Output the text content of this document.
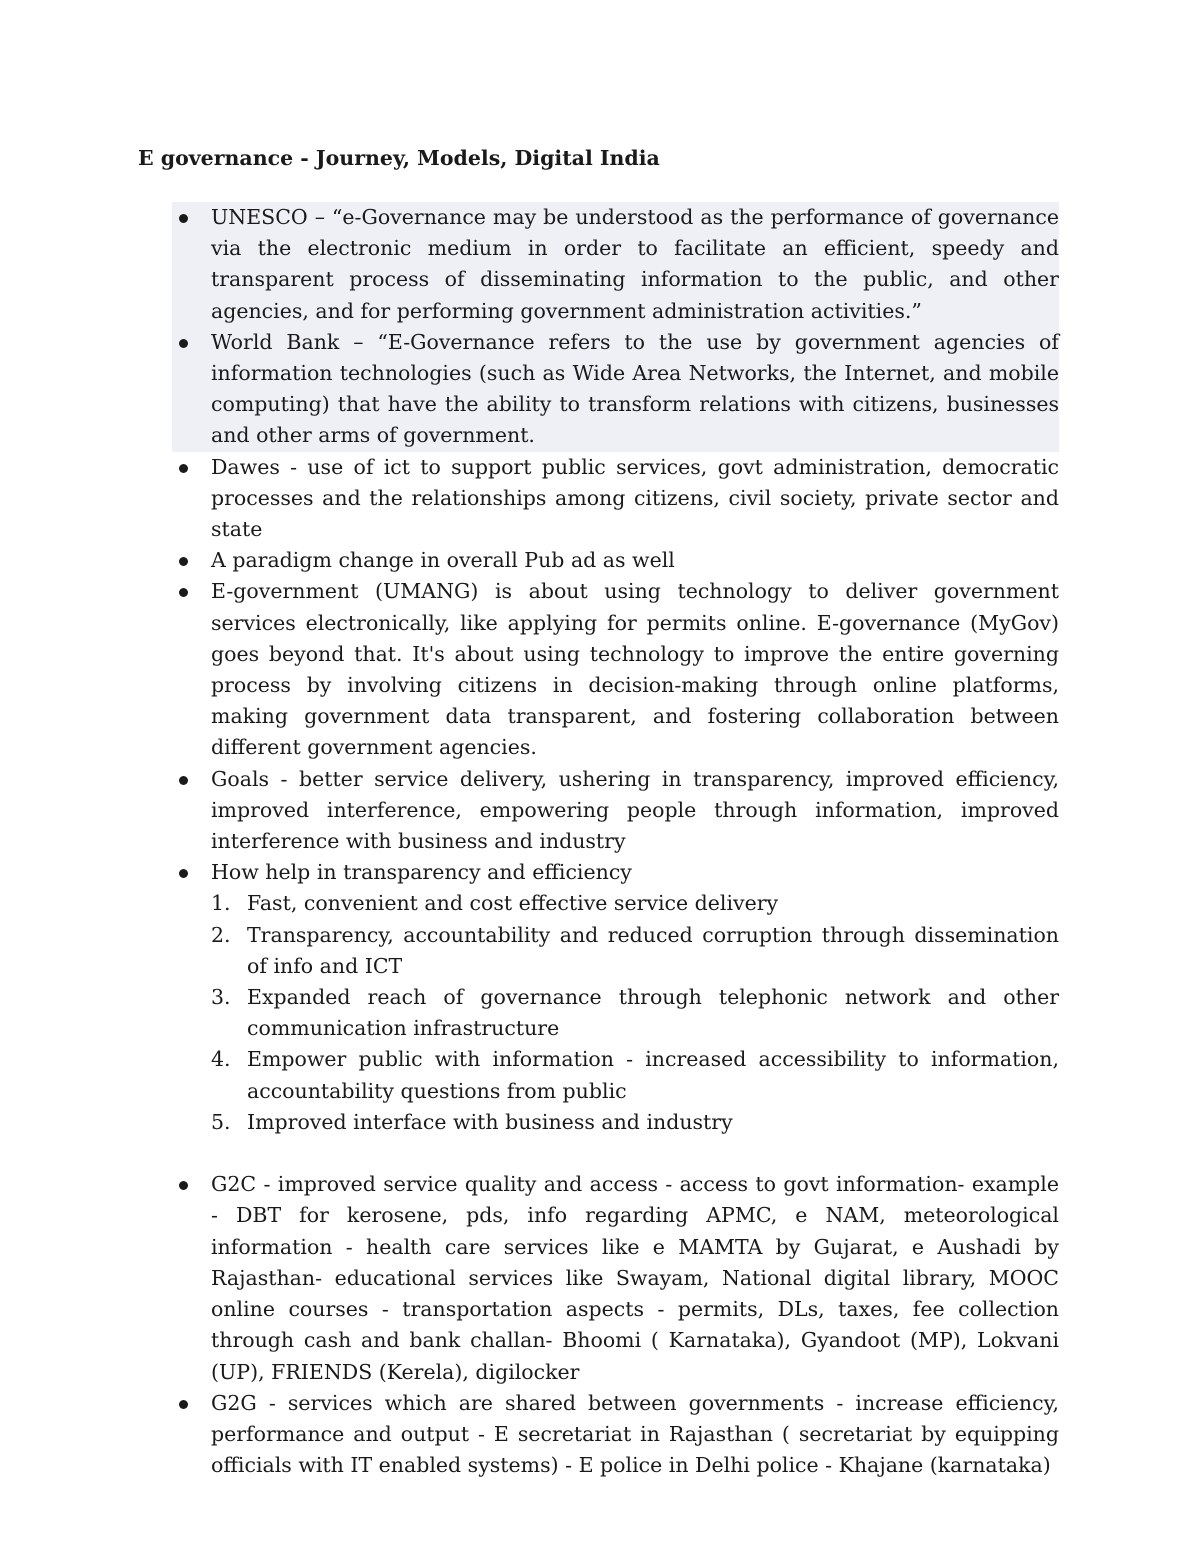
E governance - Journey, Models, Digital India
UNESCO – “e-Governance may be understood as the performance of governance via the electronic medium in order to facilitate an efficient, speedy and transparent process of disseminating information to the public, and other agencies, and for performing government administration activities.”
World Bank – “E-Governance refers to the use by government agencies of information technologies (such as Wide Area Networks, the Internet, and mobile computing) that have the ability to transform relations with citizens, businesses and other arms of government.
Dawes - use of ict to support public services, govt administration, democratic processes and the relationships among citizens, civil society, private sector and state
A paradigm change in overall Pub ad as well
E-government (UMANG) is about using technology to deliver government services electronically, like applying for permits online. E-governance (MyGov) goes beyond that. It's about using technology to improve the entire governing process by involving citizens in decision-making through online platforms, making government data transparent, and fostering collaboration between different government agencies.
Goals - better service delivery, ushering in transparency, improved efficiency, improved interference, empowering people through information, improved interference with business and industry
How help in transparency and efficiency
1. Fast, convenient and cost effective service delivery
2. Transparency, accountability and reduced corruption through dissemination of info and ICT
3. Expanded reach of governance through telephonic network and other communication infrastructure
4. Empower public with information - increased accessibility to information, accountability questions from public
5. Improved interface with business and industry
G2C - improved service quality and access - access to govt information- example - DBT for kerosene, pds, info regarding APMC, e NAM, meteorological information - health care services like e MAMTA by Gujarat, e Aushadi by Rajasthan- educational services like Swayam, National digital library, MOOC online courses - transportation aspects - permits, DLs, taxes, fee collection through cash and bank challan- Bhoomi ( Karnataka), Gyandoot (MP), Lokvani (UP), FRIENDS (Kerela), digilocker
G2G - services which are shared between governments - increase efficiency, performance and output - E secretariat in Rajasthan ( secretariat by equipping officials with IT enabled systems) - E police in Delhi police - Khajane (karnataka)
